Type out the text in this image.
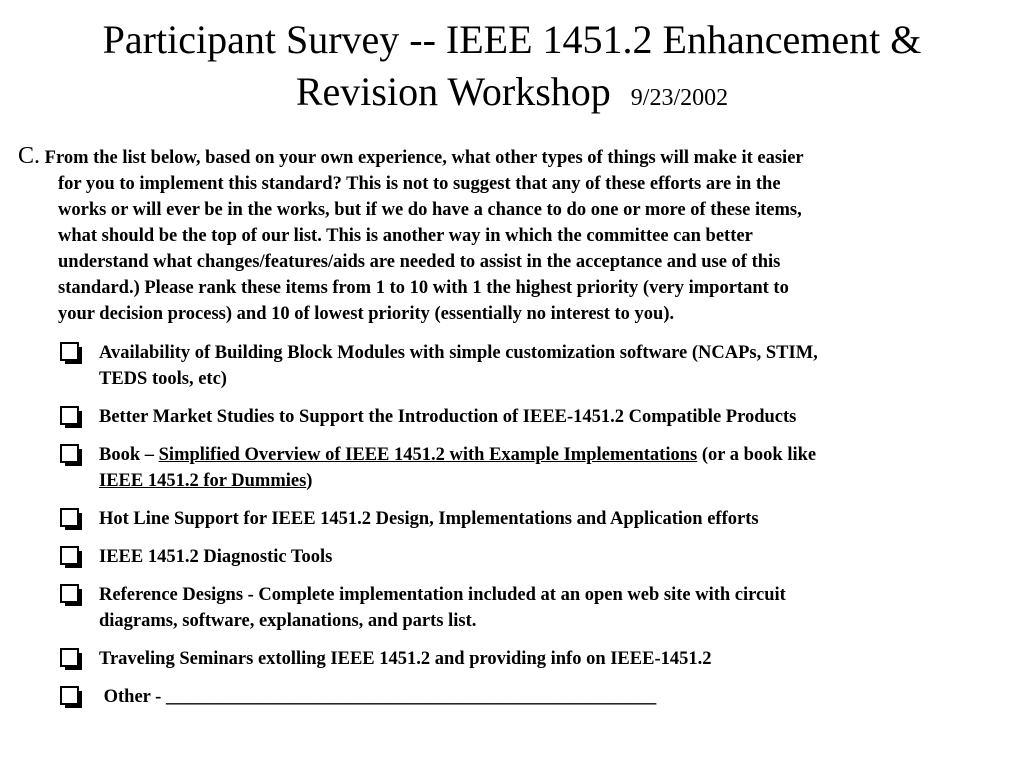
Participant Survey -- IEEE 1451.2 Enhancement &
Revision Workshop 9/23/2002
C. From the list below, based on your own experience, what other types of things will make it easier
for you to implement this standard? This is not to suggest that any of these efforts are in the
works or will ever be in the works, but if we do have a chance to do one or more of these items,
what should be the top of our list. This is another way in which the committee can better
understand what changes/features/aids are needed to assist in the acceptance and use of this
standard.) Please rank these items from 1 to 10 with 1 the highest priority (very important to
your decision process) and 10 of lowest priority (essentially no interest to you).
Availability of Building Block Modules with simple customization software (NCAPs, STIM,
TEDS tools, etc)
Better Market Studies to Support the Introduction of IEEE-1451.2 Compatible Products
Book – Simplified Overview of IEEE 1451.2 with Example Implementations (or a book like
IEEE 1451.2 for Dummies)
Hot Line Support for IEEE 1451.2 Design, Implementations and Application efforts
IEEE 1451.2 Diagnostic Tools
Reference Designs - Complete implementation included at an open web site with circuit
diagrams, software, explanations, and parts list.
Traveling Seminars extolling IEEE 1451.2 and providing info on IEEE-1451.2
Other - _____________________________________________________
